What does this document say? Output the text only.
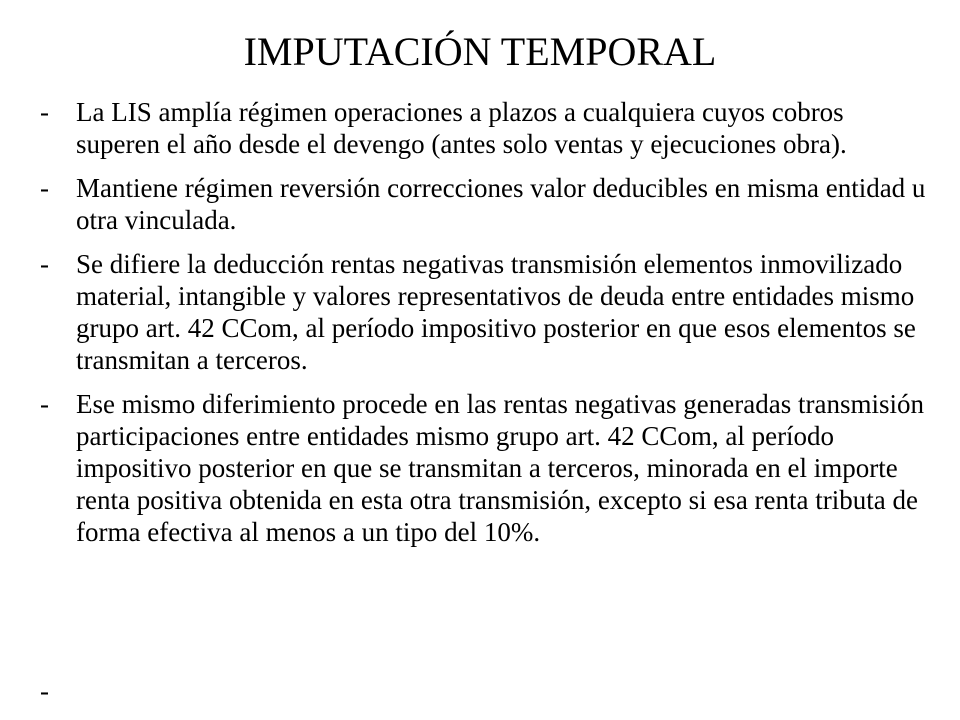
IMPUTACIÓN TEMPORAL
-	La LIS amplía régimen operaciones a plazos a cualquiera cuyos cobros superen el año desde el devengo (antes solo ventas y ejecuciones obra).
-	Mantiene régimen reversión correcciones valor deducibles en misma entidad u otra vinculada.
-	Se difiere la deducción rentas negativas transmisión elementos inmovilizado material, intangible y valores representativos de deuda entre entidades mismo grupo art. 42 CCom, al período impositivo posterior en que esos elementos se transmitan a terceros.
-	Ese mismo diferimiento procede en las rentas negativas generadas transmisión participaciones entre entidades mismo grupo art. 42 CCom, al período impositivo posterior en que se transmitan a terceros, minorada en el importe renta positiva obtenida en esta otra transmisión, excepto si esa renta tributa de forma efectiva al menos a un tipo del 10%.
-
